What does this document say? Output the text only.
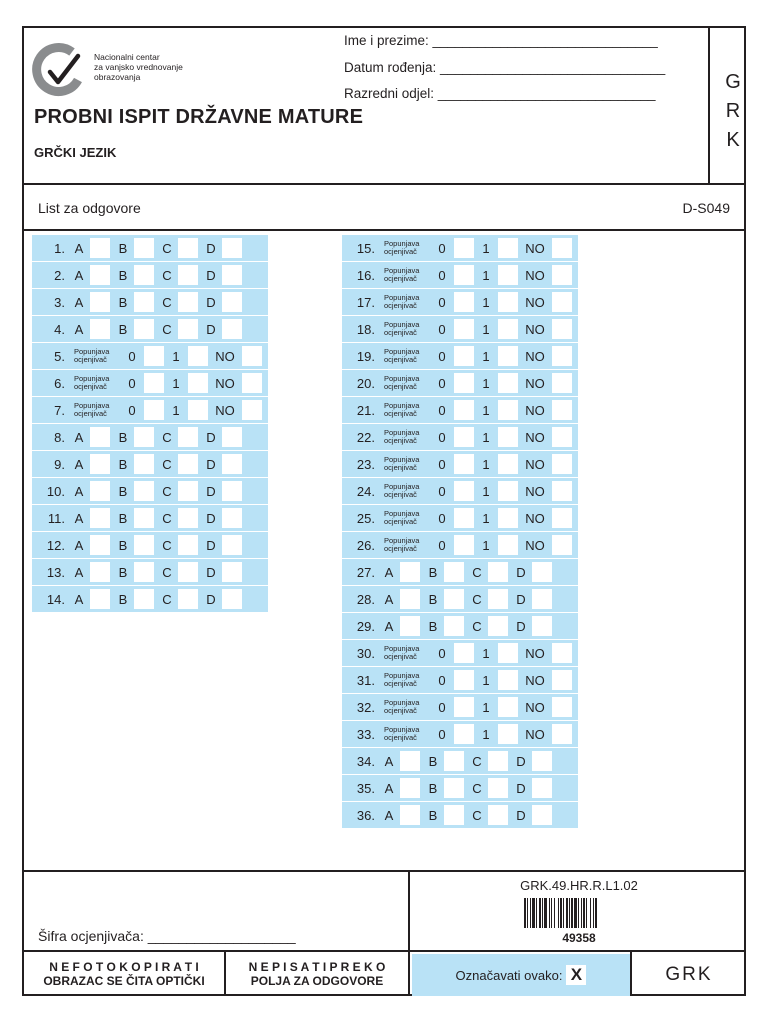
Nacionalni centar
za vanjsko vrednovanje
obrazovanja
PROBNI ISPIT DRŽAVNE MATURE
GRČKI JEZIK
Ime i prezime: ______________________________
Datum rođenja: ______________________________
Razredni odjel: _____________________________
G
R
K
List za odgovore	D-S049
1. A	B	C	D
2. A	B	C	D
3. A	B	C	D
4. A	B	C	D
5.	Popunjava
ocjenjivač	0	1	NO
6.	Popunjava
ocjenjivač	0	1	NO
7.	Popunjava
ocjenjivač	0	1	NO
8. A	B	C	D
9. A	B	C	D
10. A	B	C	D
11. A	B	C	D
12. A	B	C	D
13. A	B	C	D
14. A	B	C	D
15.	Popunjava
ocjenjivač	0	1	NO
16.	Popunjava
ocjenjivač	0	1	NO
17.	Popunjava
ocjenjivač	0	1	NO
18.	Popunjava
ocjenjivač	0	1	NO
19.	Popunjava
ocjenjivač	0	1	NO
20.	Popunjava
ocjenjivač	0	1	NO
21.	Popunjava
ocjenjivač	0	1	NO
22.	Popunjava
ocjenjivač	0	1	NO
23.	Popunjava
ocjenjivač	0	1	NO
24.	Popunjava
ocjenjivač	0	1	NO
25.	Popunjava
ocjenjivač	0	1	NO
26.	Popunjava
ocjenjivač	0	1	NO
27. A	B	C	D
28. A	B	C	D
29. A	B	C	D
30.	Popunjava
ocjenjivač	0	1	NO
31.	Popunjava
ocjenjivač	0	1	NO
32.	Popunjava
ocjenjivač	0	1	NO
33.	Popunjava
ocjenjivač	0	1	NO
34. A	B	C	D
35. A	B	C	D
36. A	B	C	D
Šifra ocjenjivača: ___________________
GRK.49.HR.R.L1.02
49358
N E F O T O K O P I R A T I
OBRAZAC SE ČITA OPTIČKI
N E P I S A T I P R E K O
POLJA ZA ODGOVORE	Označavati ovako: X	GRK
